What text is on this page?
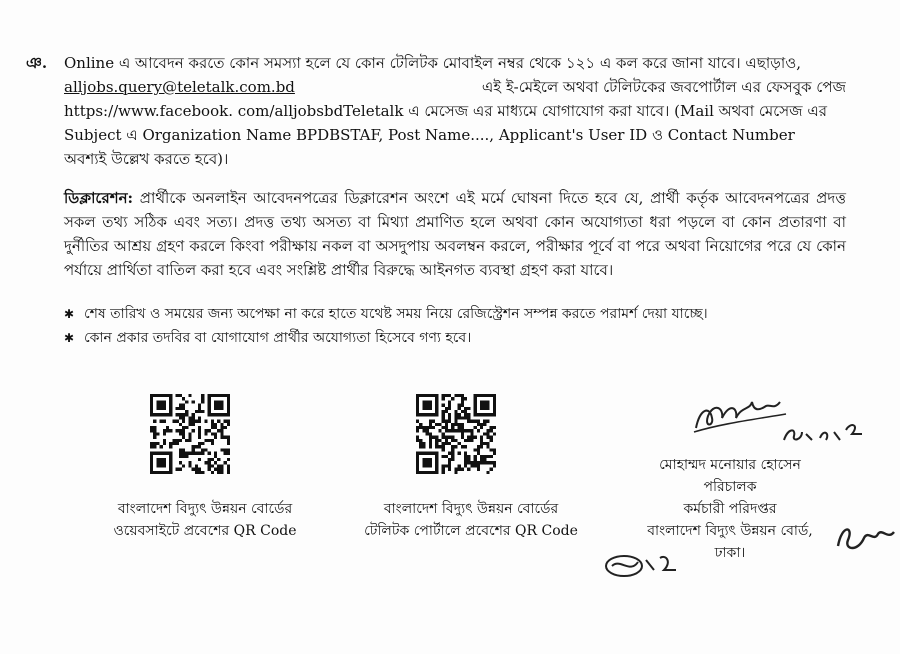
ঞ. Online এ আবেদন করতে কোন সমস্যা হলে যে কোন টেলিটক মোবাইল নম্বর থেকে ১২১ এ কল করে জানা যাবে। এছাড়াও,
alljobs.query@teletalk.com.bd	এই ই-মেইলে অথবা টেলিটকের জবপোর্টাল এর ফেসবুক পেজ
https://www.facebook. com/alljobsbdTeletalk এ মেসেজ এর মাধ্যমে যোগাযোগ করা যাবে। (Mail অথবা মেসেজ এর
Subject এ Organization Name BPDBSTAF, Post Name...., Applicant's User ID ও Contact Number
অবশ্যই উল্লেখ করতে হবে)।
ডিক্লারেশন: প্রার্থীকে অনলাইন আবেদনপত্রের ডিক্লারেশন অংশে এই মর্মে ঘোষনা দিতে হবে যে, প্রার্থী কর্তৃক আবেদনপত্রের প্রদত্ত সকল তথ্য সঠিক এবং সত্য। প্রদত্ত তথ্য অসত্য বা মিথ্যা প্রমাণিত হলে অথবা কোন অযোগ্যতা ধরা পড়লে বা কোন প্রতারণা বা দুর্নীতির আশ্রয় গ্রহণ করলে কিংবা পরীক্ষায় নকল বা অসদুপায় অবলম্বন করলে, পরীক্ষার পূর্বে বা পরে অথবা নিয়োগের পরে যে কোন পর্যায়ে প্রার্থিতা বাতিল করা হবে এবং সংশ্লিষ্ট প্রার্থীর বিরুদ্ধে আইনগত ব্যবস্থা গ্রহণ করা যাবে।
✱ শেষ তারিখ ও সময়ের জন্য অপেক্ষা না করে হাতে যথেষ্ট সময় নিয়ে রেজিস্ট্রেশন সম্পন্ন করতে পরামর্শ দেয়া যাচ্ছে।
✱ কোন প্রকার তদবির বা যোগাযোগ প্রার্থীর অযোগ্যতা হিসেবে গণ্য হবে।
বাংলাদেশ বিদ্যুৎ উন্নয়ন বোর্ডের
ওয়েবসাইটে প্রবেশের QR Code
বাংলাদেশ বিদ্যুৎ উন্নয়ন বোর্ডের
টেলিটক পোর্টালে প্রবেশের QR Code
মোহাম্মদ মনোয়ার হোসেন
পরিচালক
কর্মচারী পরিদপ্তর
বাংলাদেশ বিদ্যুৎ উন্নয়ন বোর্ড, ঢাকা।
